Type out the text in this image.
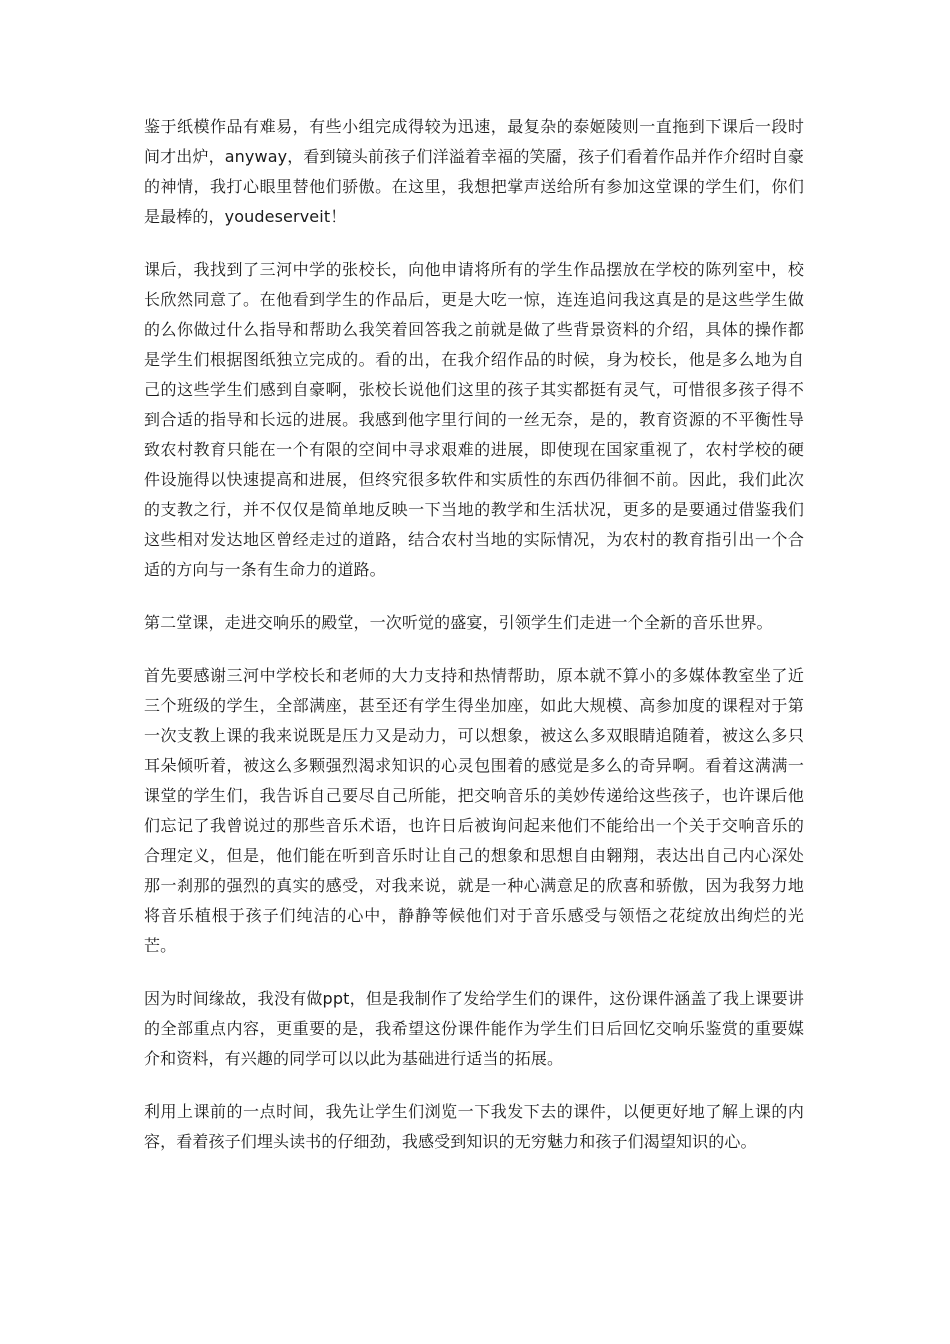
鉴于纸模作品有难易，有些小组完成得较为迅速，最复杂的泰姬陵则一直拖到下课后一段时间才出炉，anyway，看到镜头前孩子们洋溢着幸福的笑靥，孩子们看着作品并作介绍时自豪的神情，我打心眼里替他们骄傲。在这里，我想把掌声送给所有参加这堂课的学生们，你们是最棒的，youdeserveit！

课后，我找到了三河中学的张校长，向他申请将所有的学生作品摆放在学校的陈列室中，校长欣然同意了。在他看到学生的作品后，更是大吃一惊，连连追问我这真是的是这些学生做的么你做过什么指导和帮助么我笑着回答我之前就是做了些背景资料的介绍，具体的操作都是学生们根据图纸独立完成的。看的出，在我介绍作品的时候，身为校长，他是多么地为自己的这些学生们感到自豪啊，张校长说他们这里的孩子其实都挺有灵气，可惜很多孩子得不到合适的指导和长远的进展。我感到他字里行间的一丝无奈，是的，教育资源的不平衡性导致农村教育只能在一个有限的空间中寻求艰难的进展，即使现在国家重视了，农村学校的硬件设施得以快速提高和进展，但终究很多软件和实质性的东西仍徘徊不前。因此，我们此次的支教之行，并不仅仅是简单地反映一下当地的教学和生活状况，更多的是要通过借鉴我们这些相对发达地区曾经走过的道路，结合农村当地的实际情况，为农村的教育指引出一个合适的方向与一条有生命力的道路。

第二堂课，走进交响乐的殿堂，一次听觉的盛宴，引领学生们走进一个全新的音乐世界。

首先要感谢三河中学校长和老师的大力支持和热情帮助，原本就不算小的多媒体教室坐了近三个班级的学生，全部满座，甚至还有学生得坐加座，如此大规模、高参加度的课程对于第一次支教上课的我来说既是压力又是动力，可以想象，被这么多双眼睛追随着，被这么多只耳朵倾听着，被这么多颗强烈渴求知识的心灵包围着的感觉是多么的奇异啊。看着这满满一课堂的学生们，我告诉自己要尽自己所能，把交响音乐的美妙传递给这些孩子，也许课后他们忘记了我曾说过的那些音乐术语，也许日后被询问起来他们不能给出一个关于交响音乐的合理定义，但是，他们能在听到音乐时让自己的想象和思想自由翱翔，表达出自己内心深处那一刹那的强烈的真实的感受，对我来说，就是一种心满意足的欣喜和骄傲，因为我努力地将音乐植根于孩子们纯洁的心中，静静等候他们对于音乐感受与领悟之花绽放出绚烂的光芒。

因为时间缘故，我没有做ppt，但是我制作了发给学生们的课件，这份课件涵盖了我上课要讲的全部重点内容，更重要的是，我希望这份课件能作为学生们日后回忆交响乐鉴赏的重要媒介和资料，有兴趣的同学可以以此为基础进行适当的拓展。

利用上课前的一点时间，我先让学生们浏览一下我发下去的课件，以便更好地了解上课的内容，看着孩子们埋头读书的仔细劲，我感受到知识的无穷魅力和孩子们渴望知识的心。
